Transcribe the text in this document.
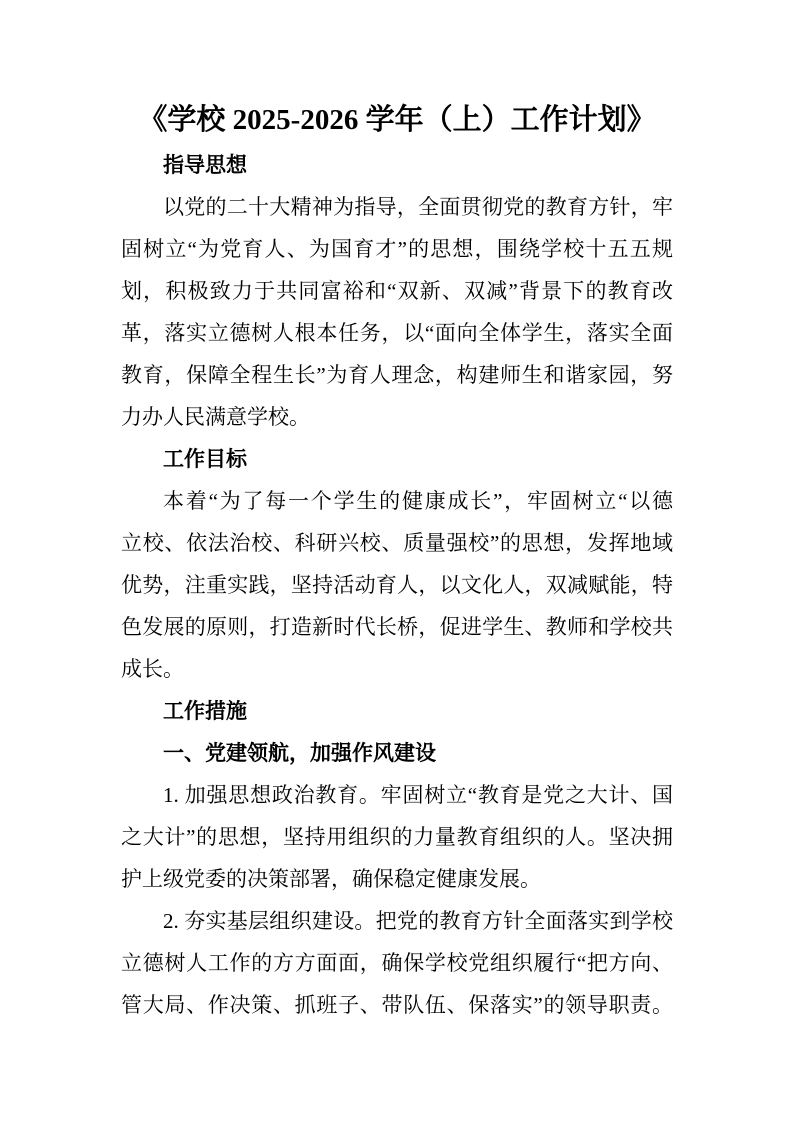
《学校 2025-2026 学年（上）工作计划》
指导思想
以党的二十大精神为指导，全面贯彻党的教育方针，牢
固树立“为党育人、为国育才”的思想，围绕学校十五五规
划，积极致力于共同富裕和“双新、双减”背景下的教育改
革，落实立德树人根本任务，以“面向全体学生，落实全面
教育，保障全程生长”为育人理念，构建师生和谐家园，努
力办人民满意学校。
工作目标
本着“为了每一个学生的健康成长”，牢固树立“以德
立校、依法治校、科研兴校、质量强校”的思想，发挥地域
优势，注重实践，坚持活动育人，以文化人，双减赋能，特
色发展的原则，打造新时代长桥，促进学生、教师和学校共
成长。
工作措施
一、党建领航，加强作风建设
1. 加强思想政治教育。牢固树立“教育是党之大计、国
之大计”的思想，坚持用组织的力量教育组织的人。坚决拥
护上级党委的决策部署，确保稳定健康发展。
2. 夯实基层组织建设。把党的教育方针全面落实到学校
立德树人工作的方方面面，确保学校党组织履行“把方向、
管大局、作决策、抓班子、带队伍、保落实”的领导职责。
